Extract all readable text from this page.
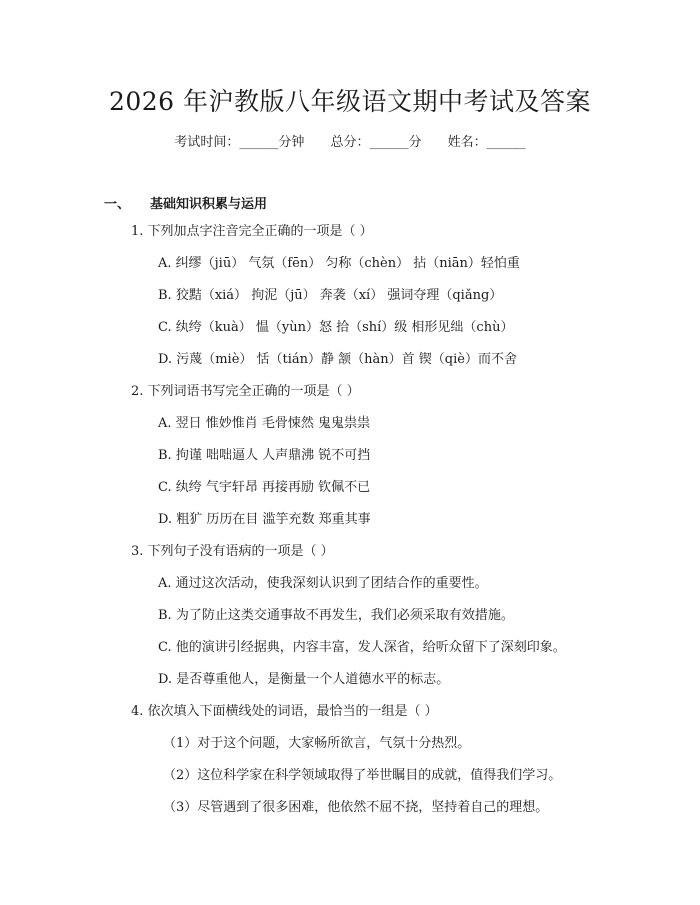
2026 年沪教版八年级语文期中考试及答案
考试时间：______分钟 总分：______分 姓名：______
一、 基础知识积累与运用
1. 下列加点字注音完全正确的一项是（ ）
A. 纠缪（jiū） 气氛（fēn） 匀称（chèn） 拈（niān）轻怕重
B. 狡黠（xiá） 拘泥（jū） 奔袭（xí） 强词夺理（qiǎng）
C. 纨绔（kuà） 愠（yùn）怒 拾（shí）级 相形见绌（chù）
D. 污蔑（miè） 恬（tián）静 颔（hàn）首 锲（qiè）而不舍
2. 下列词语书写完全正确的一项是（ ）
A. 翌日 惟妙惟肖 毛骨悚然 鬼鬼祟祟
B. 拘谨 咄咄逼人 人声鼎沸 锐不可挡
C. 纨绔 气宇轩昂 再接再励 钦佩不已
D. 粗犷 历历在目 滥竽充数 郑重其事
3. 下列句子没有语病的一项是（ ）
A. 通过这次活动，使我深刻认识到了团结合作的重要性。
B. 为了防止这类交通事故不再发生，我们必须采取有效措施。
C. 他的演讲引经据典，内容丰富，发人深省，给听众留下了深刻印象。
D. 是否尊重他人，是衡量一个人道德水平的标志。
4. 依次填入下面横线处的词语，最恰当的一组是（ ）
（1）对于这个问题，大家畅所欲言，气氛十分热烈。
（2）这位科学家在科学领域取得了举世瞩目的成就，值得我们学习。
（3）尽管遇到了很多困难，他依然不屈不挠，坚持着自己的理想。
